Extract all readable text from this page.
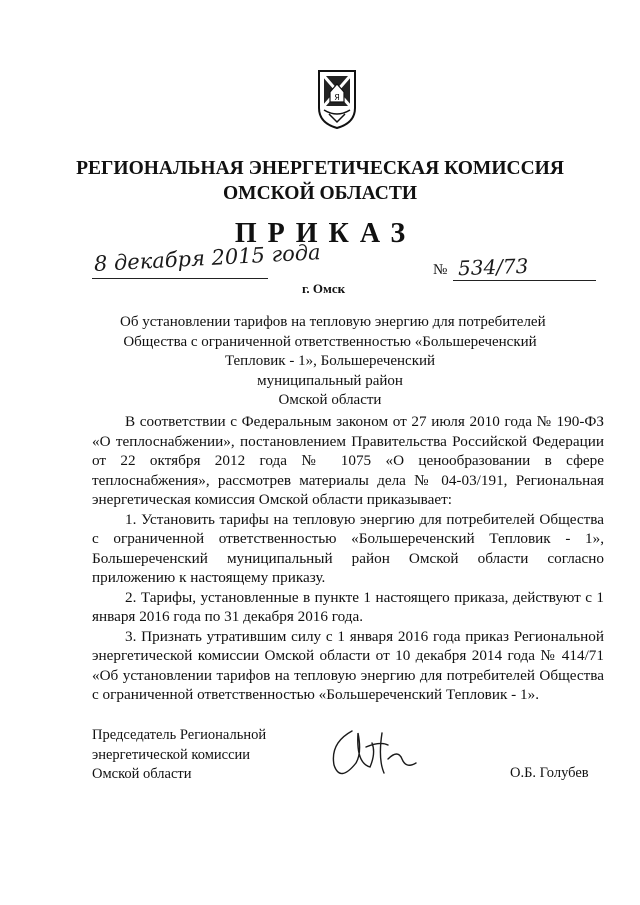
Я
РЕГИОНАЛЬНАЯ ЭНЕРГЕТИЧЕСКАЯ КОМИССИЯ
ОМСКОЙ ОБЛАСТИ
ПРИКАЗ
8 декабря 2015 года
г. Омск
№ 534/73
Об установлении тарифов на тепловую энергию для потребителей
Общества с ограниченной ответственностью «Большереченский
Тепловик - 1», Большереченский
муниципальный район
Омской области

В соответствии с Федеральным законом от 27 июля 2010 года № 190-ФЗ «О теплоснабжении», постановлением Правительства Российской Федерации от 22 октября 2012 года № 1075 «О ценообразовании в сфере теплоснабжения», рассмотрев материалы дела № 04-03/191, Региональная энергетическая комиссия Омской области приказывает:

1. Установить тарифы на тепловую энергию для потребителей Общества с ограниченной ответственностью «Большереченский Тепловик - 1», Большереченский муниципальный район Омской области согласно приложению к настоящему приказу.

2. Тарифы, установленные в пункте 1 настоящего приказа, действуют с 1 января 2016 года по 31 декабря 2016 года.

3. Признать утратившим силу с 1 января 2016 года приказ Региональной энергетической комиссии Омской области от 10 декабря 2014 года № 414/71 «Об установлении тарифов на тепловую энергию для потребителей Общества с ограниченной ответственностью «Большереченский Тепловик - 1».

Председатель Региональной
энергетической комиссии
Омской области	О.Б. Голубев
